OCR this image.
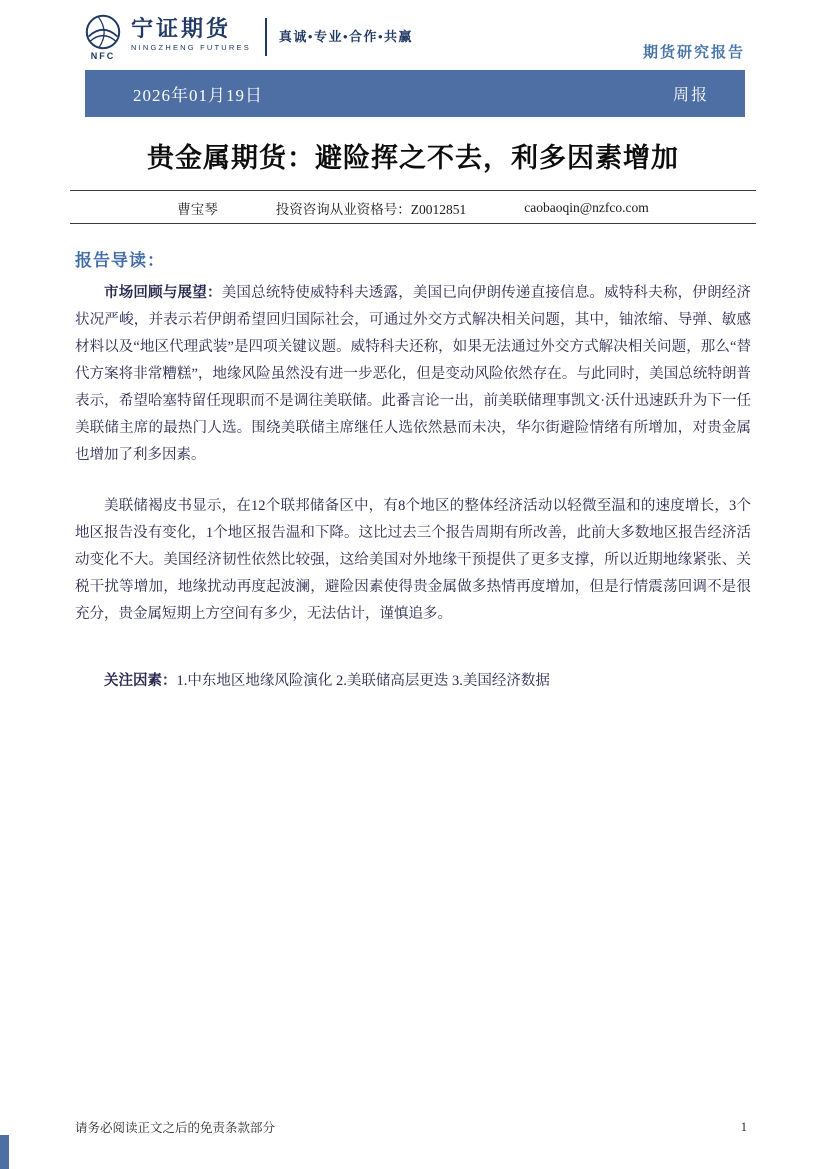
NFC
宁证期货
NINGZHENG FUTURES
真诚•专业•合作•共赢
期货研究报告
2026年01月19日	周报
贵金属期货：避险挥之不去，利多因素增加
曹宝琴	投资咨询从业资格号：Z0012851	caobaoqin@nzfco.com
报告导读：

市场回顾与展望：美国总统特使威特科夫透露，美国已向伊朗传递直接信息。威特科夫称，伊朗经济状况严峻，并表示若伊朗希望回归国际社会，可通过外交方式解决相关问题，其中，铀浓缩、导弹、敏感材料以及“地区代理武装”是四项关键议题。威特科夫还称，如果无法通过外交方式解决相关问题，那么“替代方案将非常糟糕”，地缘风险虽然没有进一步恶化，但是变动风险依然存在。与此同时，美国总统特朗普表示，希望哈塞特留任现职而不是调往美联储。此番言论一出，前美联储理事凯文·沃什迅速跃升为下一任美联储主席的最热门人选。围绕美联储主席继任人选依然悬而未决，华尔街避险情绪有所增加，对贵金属也增加了利多因素。

美联储褐皮书显示，在12个联邦储备区中，有8个地区的整体经济活动以轻微至温和的速度增长，3个地区报告没有变化，1个地区报告温和下降。这比过去三个报告周期有所改善，此前大多数地区报告经济活动变化不大。美国经济韧性依然比较强，这给美国对外地缘干预提供了更多支撑，所以近期地缘紧张、关税干扰等增加，地缘扰动再度起波澜，避险因素使得贵金属做多热情再度增加，但是行情震荡回调不是很充分，贵金属短期上方空间有多少，无法估计，谨慎追多。

关注因素：1.中东地区地缘风险演化 2.美联储高层更迭 3.美国经济数据

请务必阅读正文之后的免责条款部分	1
